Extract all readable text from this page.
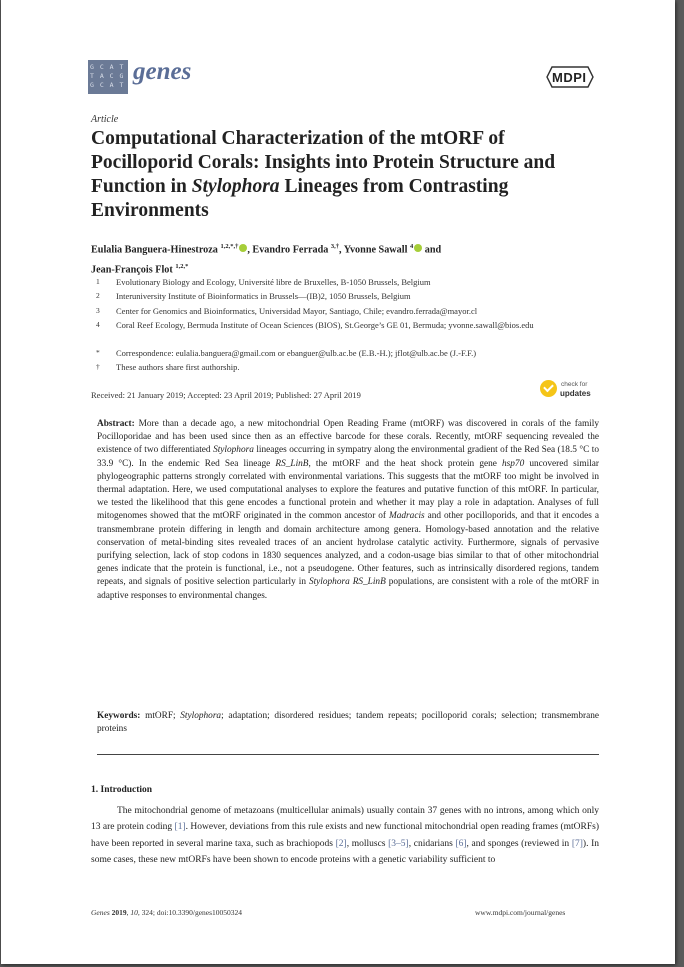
G C A T
T A C G
G C A T genes	MDPI
Article
Computational Characterization of the mtORF of Pocilloporid Corals: Insights into Protein Structure and Function in Stylophora Lineages from Contrasting Environments
Eulalia Banguera-Hinestroza $^{1,2,*,\dagger}$ , Evandro Ferrada $^{3,\dagger}$, Yvonne Sawall $^4$ and
Jean-François Flot $^{1,2,*}$
1	Evolutionary Biology and Ecology, Université libre de Bruxelles, B-1050 Brussels, Belgium
2	Interuniversity Institute of Bioinformatics in Brussels—(IB)2, 1050 Brussels, Belgium
3	Center for Genomics and Bioinformatics, Universidad Mayor, Santiago, Chile; evandro.ferrada@mayor.cl
4	Coral Reef Ecology, Bermuda Institute of Ocean Sciences (BIOS), St.George’s GE 01, Bermuda; yvonne.sawall@bios.edu
*	Correspondence: eulalia.banguera@gmail.com or ebanguer@ulb.ac.be (E.B.-H.); jflot@ulb.ac.be (J.-F.F.)
†	These authors share first authorship.
Received: 21 January 2019; Accepted: 23 April 2019; Published: 27 April 2019
check for
updates
Abstract: More than a decade ago, a new mitochondrial Open Reading Frame (mtORF) was discovered in corals of the family Pocilloporidae and has been used since then as an effective barcode for these corals. Recently, mtORF sequencing revealed the existence of two differentiated Stylophora lineages occurring in sympatry along the environmental gradient of the Red Sea (18.5 °C to 33.9 °C). In the endemic Red Sea lineage RS_LinB, the mtORF and the heat shock protein gene hsp70 uncovered similar phylogeographic patterns strongly correlated with environmental variations. This suggests that the mtORF too might be involved in thermal adaptation. Here, we used computational analyses to explore the features and putative function of this mtORF. In particular, we tested the likelihood that this gene encodes a functional protein and whether it may play a role in adaptation. Analyses of full mitogenomes showed that the mtORF originated in the common ancestor of Madracis and other pocilloporids, and that it encodes a transmembrane protein differing in length and domain architecture among genera. Homology-based annotation and the relative conservation of metal-binding sites revealed traces of an ancient hydrolase catalytic activity. Furthermore, signals of pervasive purifying selection, lack of stop codons in 1830 sequences analyzed, and a codon-usage bias similar to that of other mitochondrial genes indicate that the protein is functional, i.e., not a pseudogene. Other features, such as intrinsically disordered regions, tandem repeats, and signals of positive selection particularly in Stylophora RS_LinB populations, are consistent with a role of the mtORF in adaptive responses to environmental changes.
Keywords: mtORF; Stylophora; adaptation; disordered residues; tandem repeats; pocilloporid corals; selection; transmembrane proteins
1. Introduction
The mitochondrial genome of metazoans (multicellular animals) usually contain 37 genes with no introns, among which only 13 are protein coding [1]. However, deviations from this rule exists and new functional mitochondrial open reading frames (mtORFs) have been reported in several marine taxa, such as brachiopods [2], molluscs [3–5], cnidarians [6], and sponges (reviewed in [7]). In some cases, these new mtORFs have been shown to encode proteins with a genetic variability sufficient to
Genes 2019, 10, 324; doi:10.3390/genes10050324	www.mdpi.com/journal/genes
